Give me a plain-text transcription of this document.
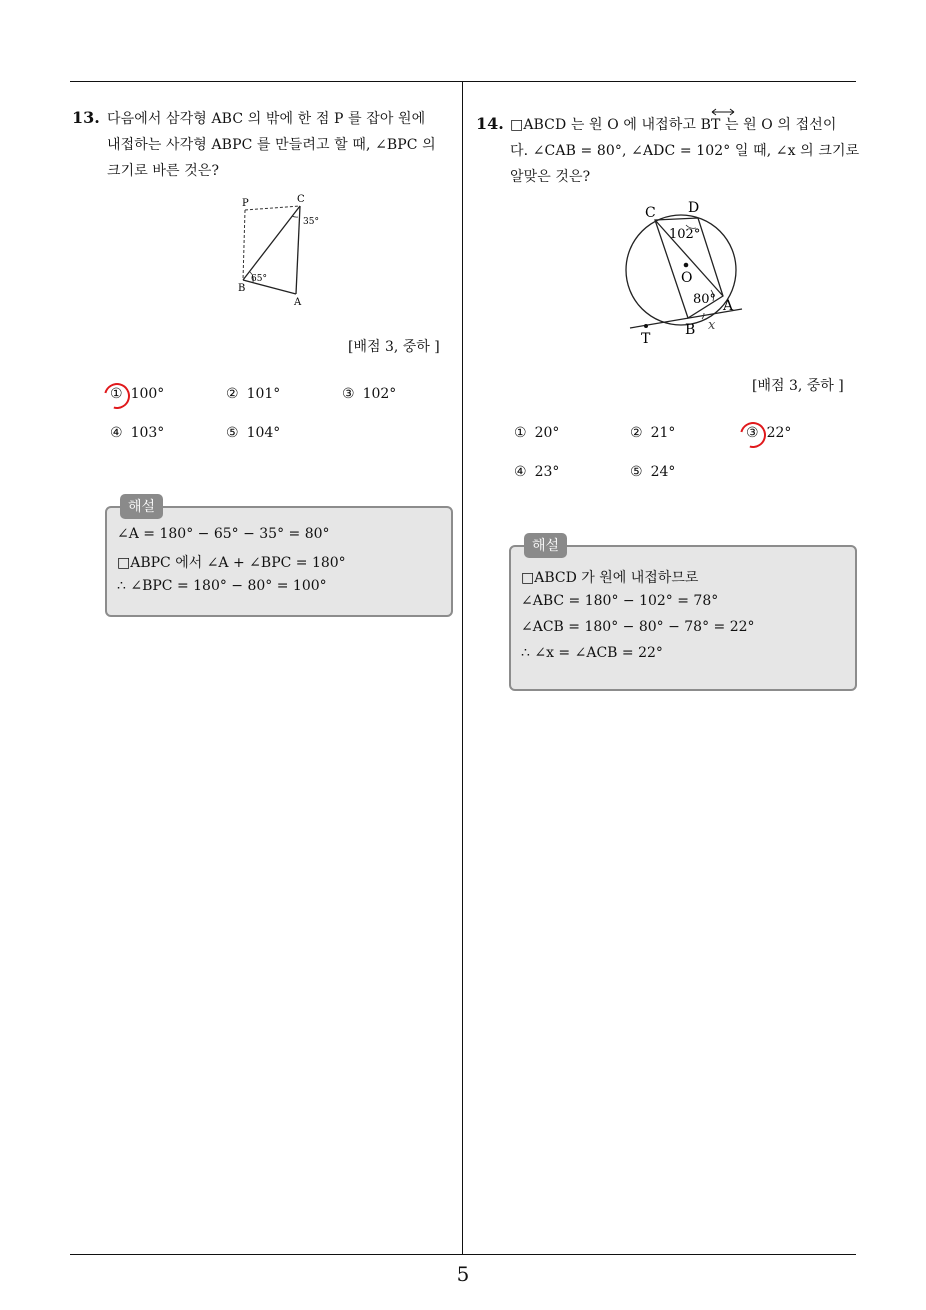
5
13. 다음에서 삼각형 ABC 의 밖에 한 점 P 를 잡아 원에
내접하는 사각형 ABPC 를 만들려고 할 때, ∠BPC 의
크기로 바른 것은?
P	C
B
A
35°
65°
[배점 3, 중하 ]
① 100°	② 101°	③ 102°
④ 103°	⑤ 104°
해설
∠A = 180° − 65° − 35° = 80°
□ABPC 에서 ∠A + ∠BPC = 180°
∴ ∠BPC = 180° − 80° = 100°
14. □ABCD 는 원 O 에 내접하고 BT 는 원 O 의 접선이
다. ∠CAB = 80°, ∠ADC = 102° 일 때, ∠x 의 크기로
알맞은 것은?
C D
O
A
B
T
x
102°
80°
[배점 3, 중하 ]
① 20°	② 21°	③ 22°
④ 23°	⑤ 24°
해설
□ABCD 가 원에 내접하므로
∠ABC = 180° − 102° = 78°
∠ACB = 180° − 80° − 78° = 22°
∴ ∠x = ∠ACB = 22°
